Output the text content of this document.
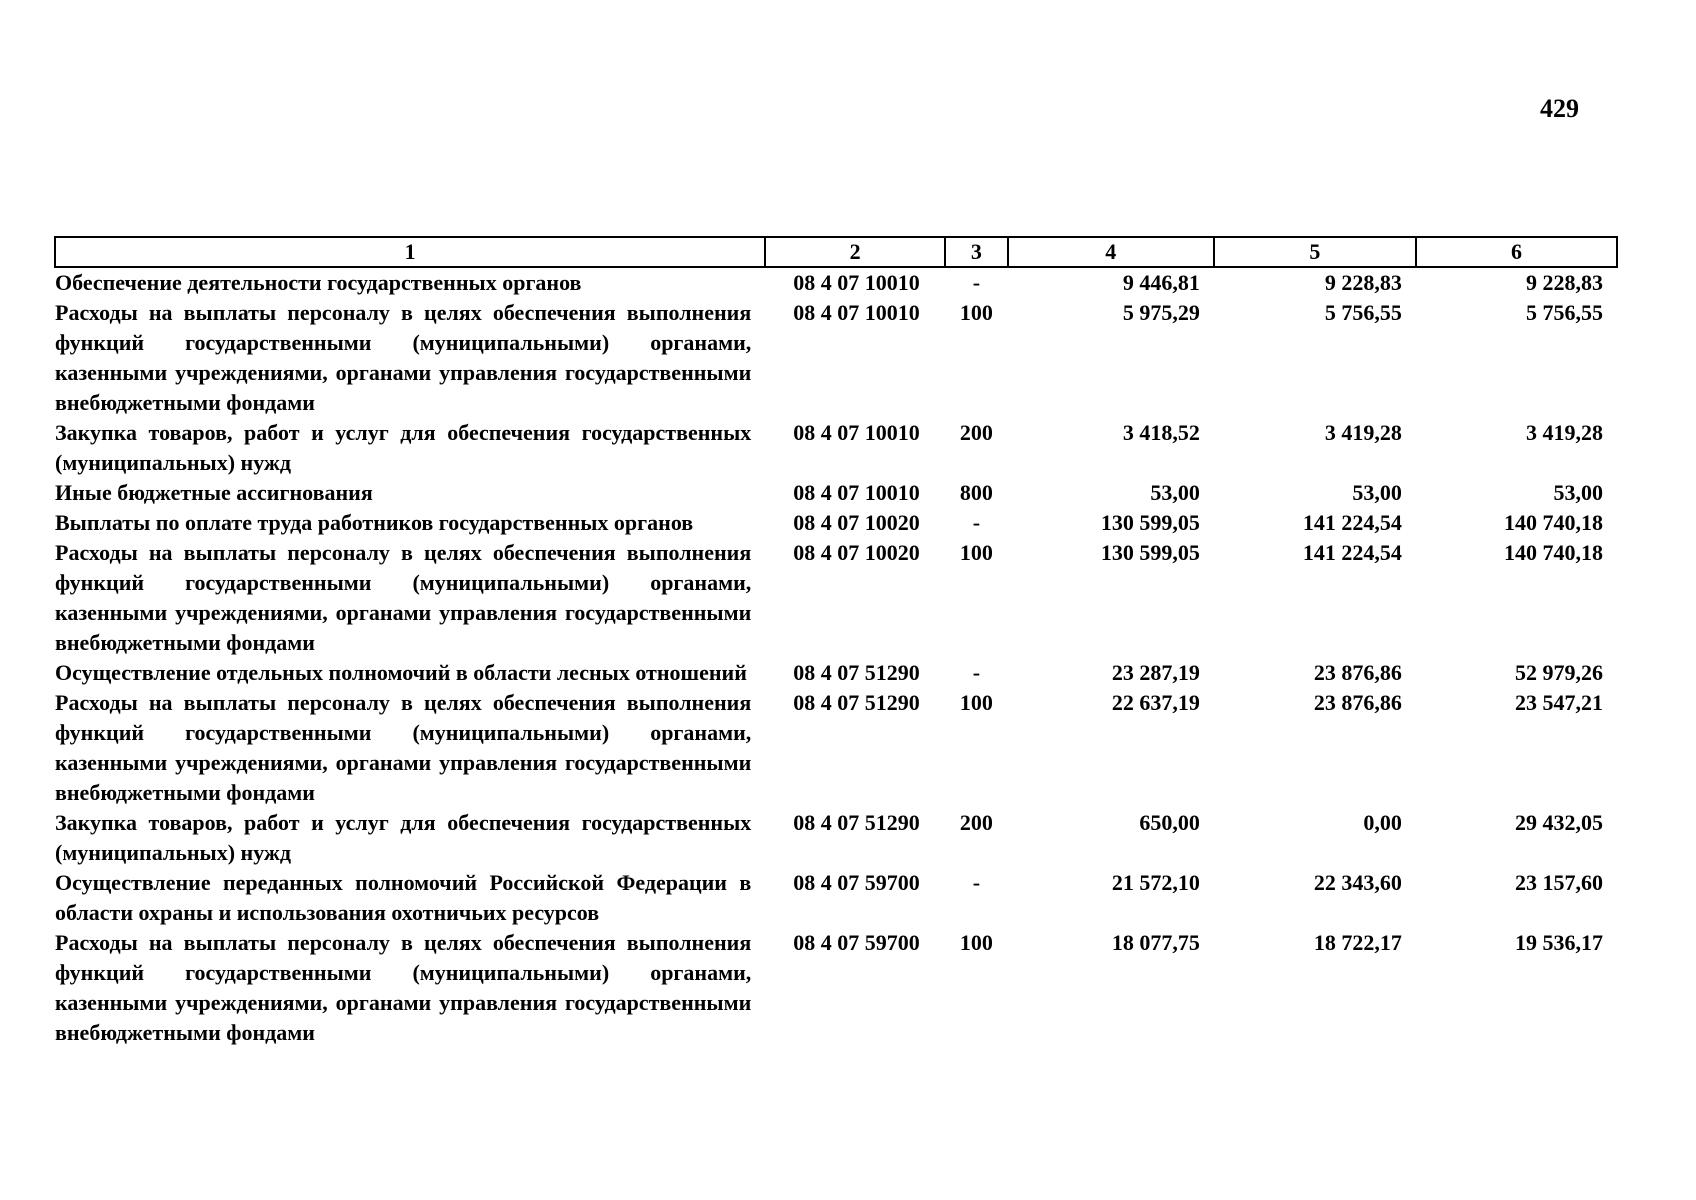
429
1	2	3	4	5	6
Обеспечение деятельности государственных органов	08 4 07 10010	-	9 446,81	9 228,83	9 228,83
Расходы на выплаты персоналу в целях обеспечения выполнения функций государственными (муниципальными) органами, казенными учреждениями, органами управления государственными внебюджетными фондами	08 4 07 10010	100	5 975,29	5 756,55	5 756,55
Закупка товаров, работ и услуг для обеспечения государственных (муниципальных) нужд	08 4 07 10010	200	3 418,52	3 419,28	3 419,28
Иные бюджетные ассигнования	08 4 07 10010	800	53,00	53,00	53,00
Выплаты по оплате труда работников государственных органов	08 4 07 10020	-	130 599,05	141 224,54	140 740,18
Расходы на выплаты персоналу в целях обеспечения выполнения функций государственными (муниципальными) органами, казенными учреждениями, органами управления государственными внебюджетными фондами	08 4 07 10020	100	130 599,05	141 224,54	140 740,18
Осуществление отдельных полномочий в области лесных отношений	08 4 07 51290	-	23 287,19	23 876,86	52 979,26
Расходы на выплаты персоналу в целях обеспечения выполнения функций государственными (муниципальными) органами, казенными учреждениями, органами управления государственными внебюджетными фондами	08 4 07 51290	100	22 637,19	23 876,86	23 547,21
Закупка товаров, работ и услуг для обеспечения государственных (муниципальных) нужд	08 4 07 51290	200	650,00	0,00	29 432,05
Осуществление переданных полномочий Российской Федерации в области охраны и использования охотничьих ресурсов	08 4 07 59700	-	21 572,10	22 343,60	23 157,60
Расходы на выплаты персоналу в целях обеспечения выполнения функций государственными (муниципальными) органами, казенными учреждениями, органами управления государственными внебюджетными фондами	08 4 07 59700	100	18 077,75	18 722,17	19 536,17
